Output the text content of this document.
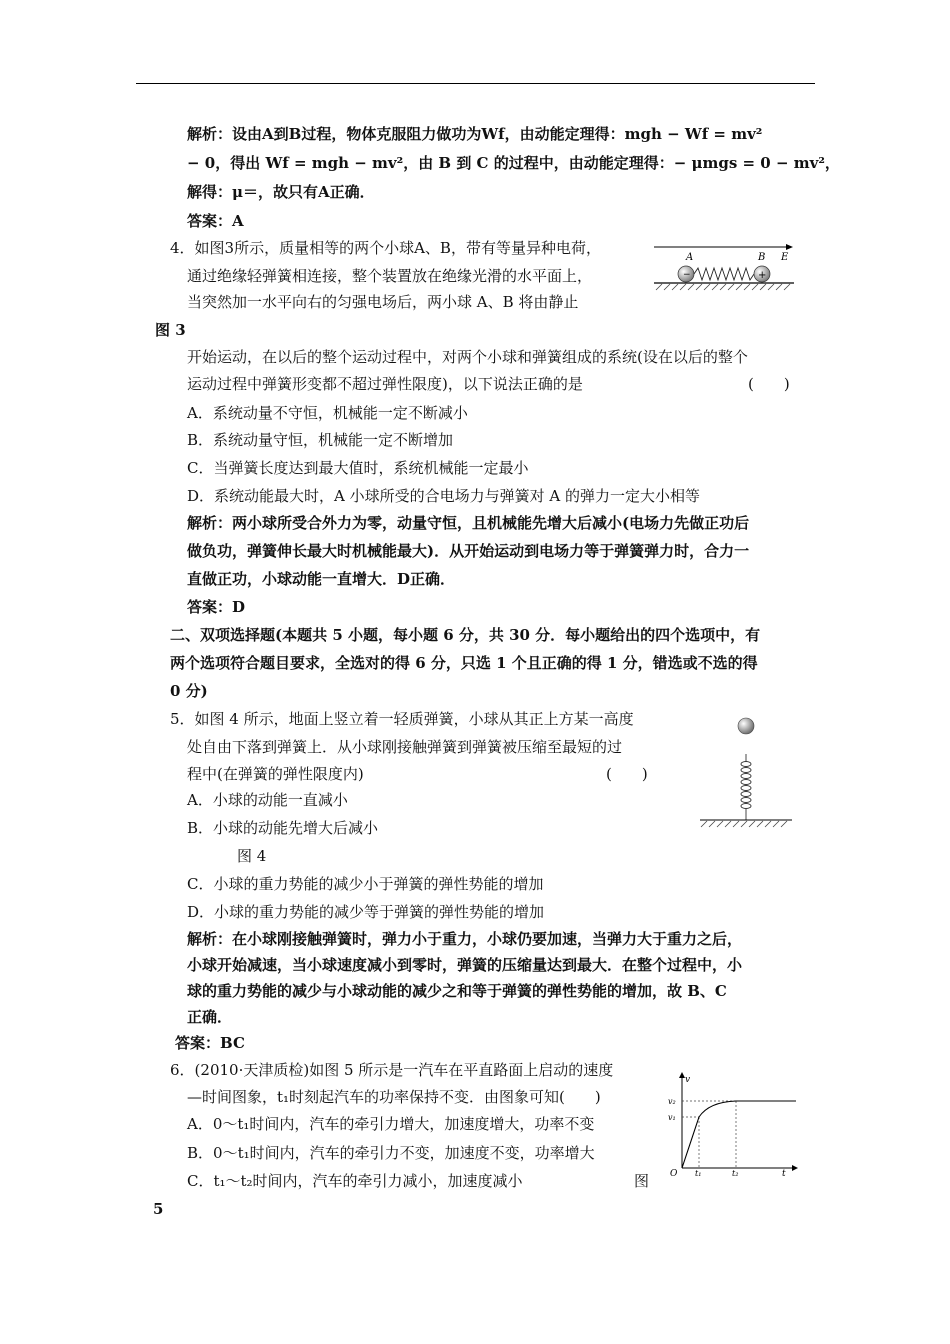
解析：设由A到B过程，物体克服阻力做功为Wf，由动能定理得：mgh − Wf = mv²
− 0，得出 Wf = mgh − mv²，由 B 到 C 的过程中，由动能定理得：− μmgs = 0 − mv²，
解得：μ＝，故只有A正确．
答案：A
4．如图3所示，质量相等的两个小球A、B，带有等量异种电荷，
通过绝缘轻弹簧相连接，整个装置放在绝缘光滑的水平面上，
当突然加一水平向右的匀强电场后，两小球 A、B 将由静止
图 3
开始运动，在以后的整个运动过程中，对两个小球和弹簧组成的系统(设在以后的整个
运动过程中弹簧形变都不超过弹性限度)，以下说法正确的是	(　　)
A．系统动量不守恒，机械能一定不断减小
B．系统动量守恒，机械能一定不断增加
C．当弹簧长度达到最大值时，系统机械能一定最小
D．系统动能最大时，A 小球所受的合电场力与弹簧对 A 的弹力一定大小相等
解析：两小球所受合外力为零，动量守恒，且机械能先增大后减小(电场力先做正功后
做负功，弹簧伸长最大时机械能最大)．从开始运动到电场力等于弹簧弹力时，合力一
直做正功，小球动能一直增大．D正确．
答案：D
二、双项选择题(本题共 5 小题，每小题 6 分，共 30 分．每小题给出的四个选项中，有
两个选项符合题目要求，全选对的得 6 分，只选 1 个且正确的得 1 分，错选或不选的得
0 分)
5．如图 4 所示，地面上竖立着一轻质弹簧，小球从其正上方某一高度
处自由下落到弹簧上．从小球刚接触弹簧到弹簧被压缩至最短的过
程中(在弹簧的弹性限度内)	(　　)
A．小球的动能一直减小
B．小球的动能先增大后减小
图 4
C．小球的重力势能的减少小于弹簧的弹性势能的增加
D．小球的重力势能的减少等于弹簧的弹性势能的增加
解析：在小球刚接触弹簧时，弹力小于重力，小球仍要加速，当弹力大于重力之后，
小球开始减速，当小球速度减小到零时，弹簧的压缩量达到最大．在整个过程中，小
球的重力势能的减少与小球动能的减少之和等于弹簧的弹性势能的增加，故 B、C
正确．
答案：BC
6．(2010·天津质检)如图 5 所示是一汽车在平直路面上启动的速度
—时间图象，t₁时刻起汽车的功率保持不变．由图象可知(　　)
A．0～t₁时间内，汽车的牵引力增大，加速度增大，功率不变
B．0～t₁时间内，汽车的牵引力不变，加速度不变，功率增大
C．t₁～t₂时间内，汽车的牵引力减小，加速度减小	图
5
A	B E
−	+
v
v₂
v₁
O t₁	t₂	t
